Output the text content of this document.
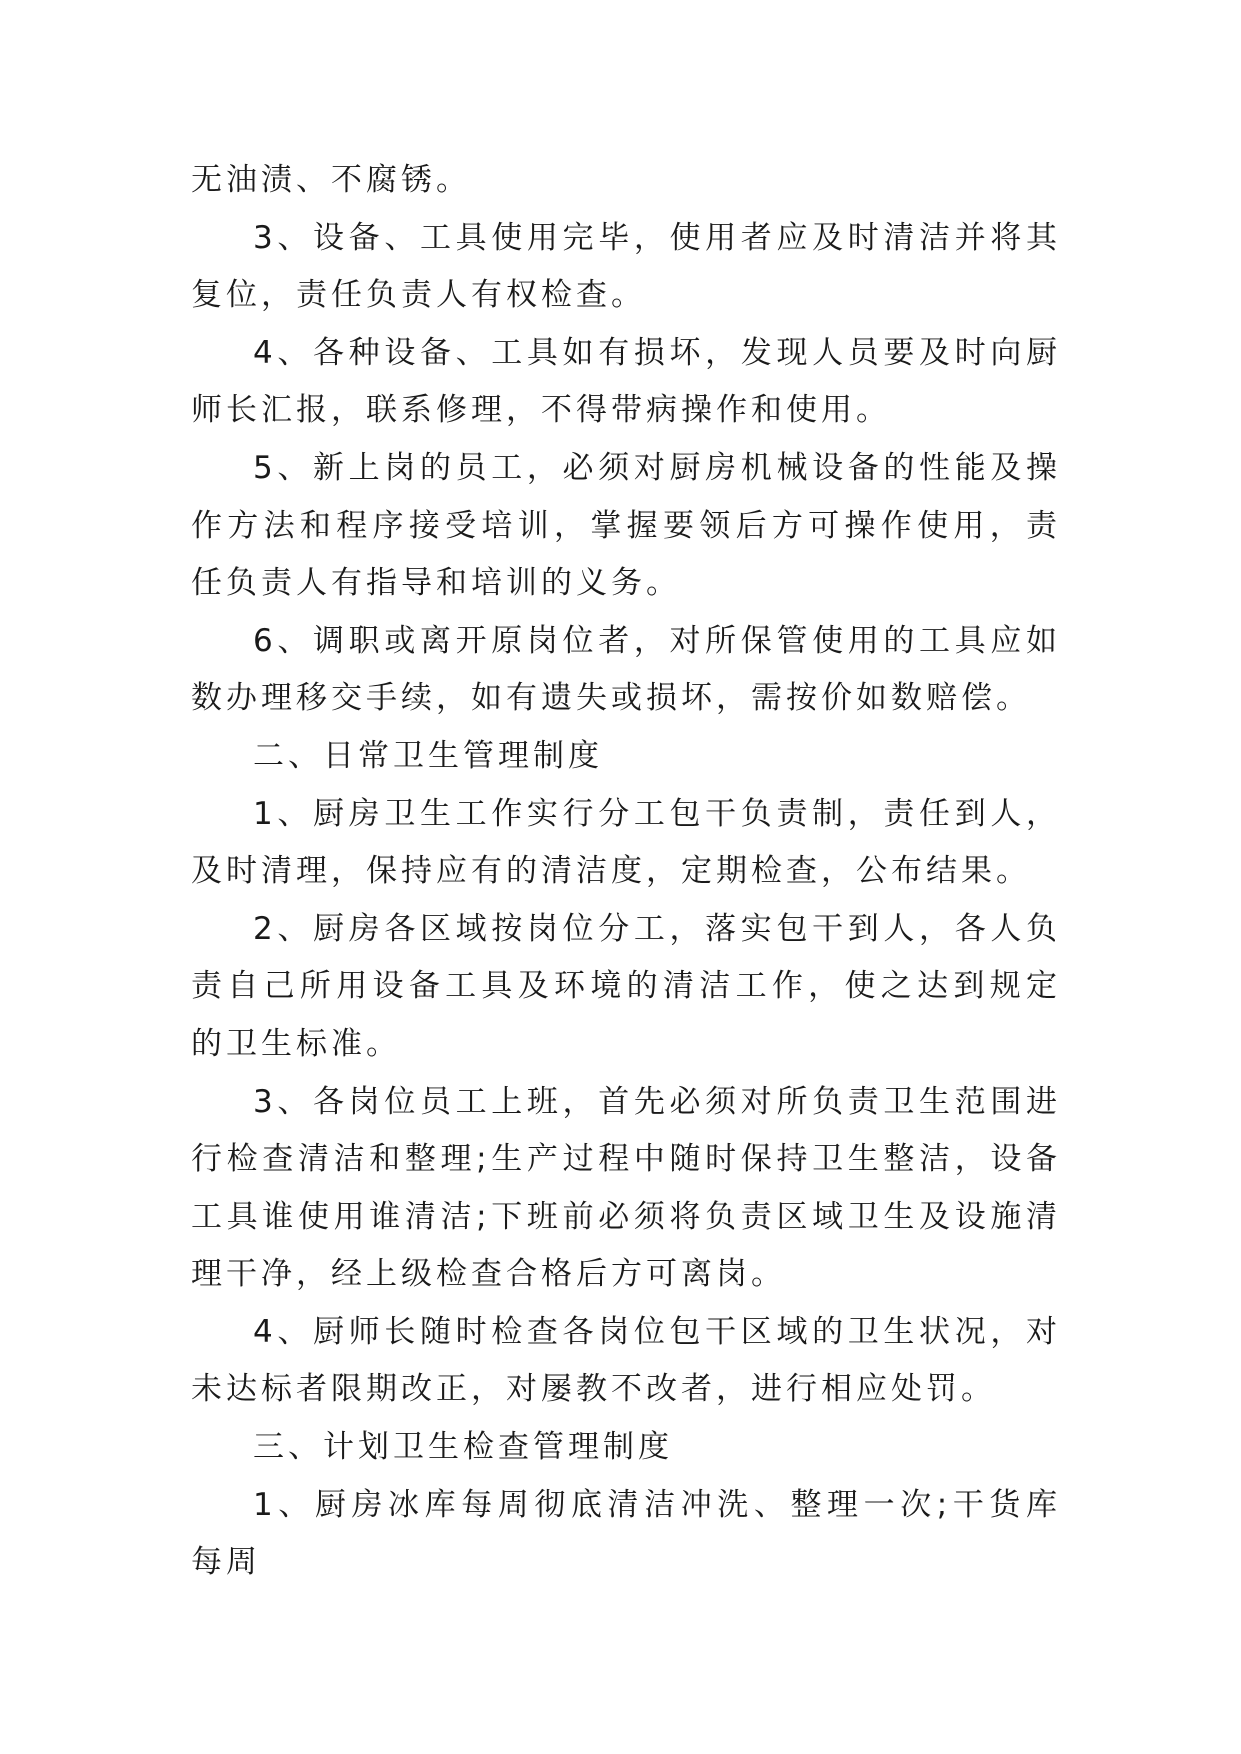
无油渍、不腐锈。

3、设备、工具使用完毕，使用者应及时清洁并将其复位，责任负责人有权检查。

4、各种设备、工具如有损坏，发现人员要及时向厨师长汇报，联系修理，不得带病操作和使用。

5、新上岗的员工，必须对厨房机械设备的性能及操作方法和程序接受培训，掌握要领后方可操作使用，责任负责人有指导和培训的义务。

6、调职或离开原岗位者，对所保管使用的工具应如数办理移交手续，如有遗失或损坏，需按价如数赔偿。

二、日常卫生管理制度

1、厨房卫生工作实行分工包干负责制，责任到人，及时清理，保持应有的清洁度，定期检查，公布结果。

2、厨房各区域按岗位分工，落实包干到人，各人负责自己所用设备工具及环境的清洁工作，使之达到规定的卫生标准。

3、各岗位员工上班，首先必须对所负责卫生范围进行检查清洁和整理;生产过程中随时保持卫生整洁，设备工具谁使用谁清洁;下班前必须将负责区域卫生及设施清理干净，经上级检查合格后方可离岗。

4、厨师长随时检查各岗位包干区域的卫生状况，对未达标者限期改正，对屡教不改者，进行相应处罚。

三、计划卫生检查管理制度

1、厨房冰库每周彻底清洁冲洗、整理一次;干货库每周
